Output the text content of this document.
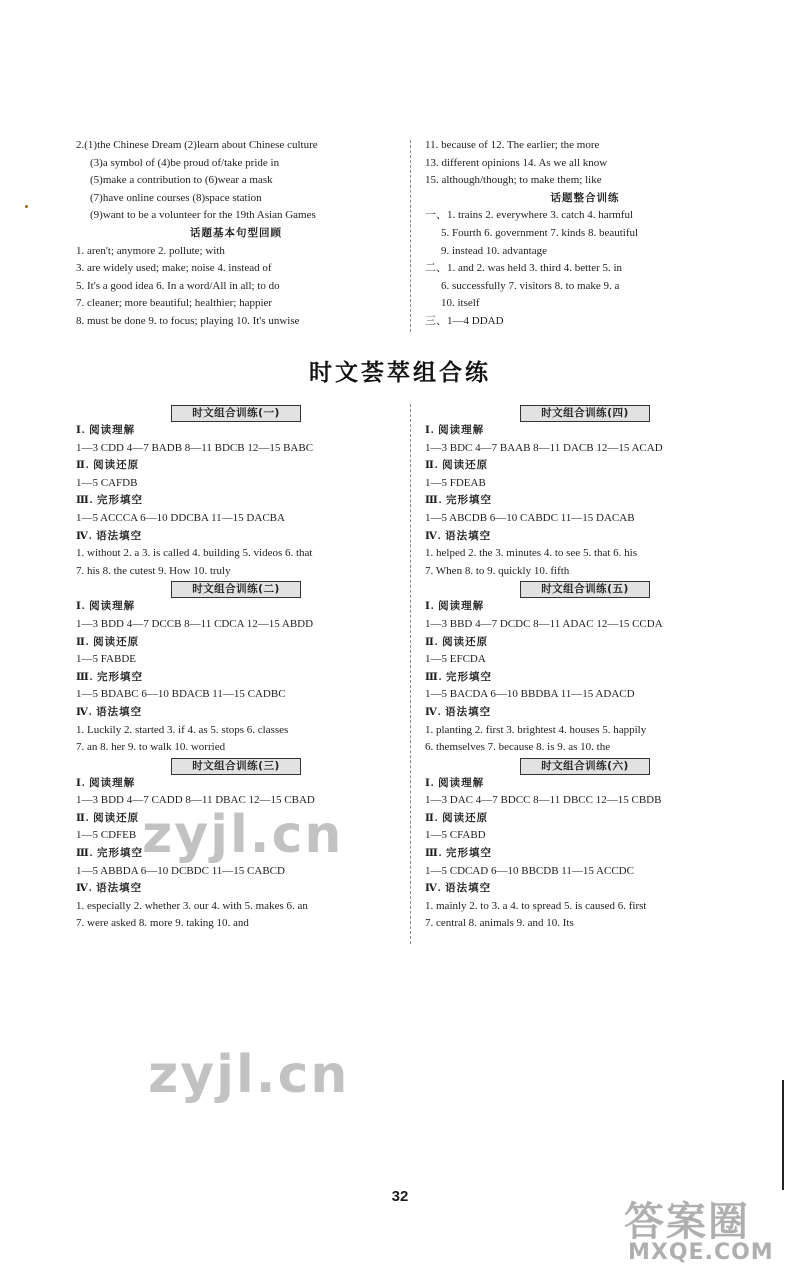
2.(1)the Chinese Dream (2)learn about Chinese culture
(3)a symbol of (4)be proud of/take pride in
(5)make a contribution to (6)wear a mask
(7)have online courses (8)space station
(9)want to be a volunteer for the 19th Asian Games
话题基本句型回顾
1. aren't; anymore 2. pollute; with
3. are widely used; make; noise 4. instead of
5. It's a good idea 6. In a word/All in all; to do
7. cleaner; more beautiful; healthier; happier
8. must be done 9. to focus; playing 10. It's unwise
11. because of 12. The earlier; the more
13. different opinions 14. As we all know
15. although/though; to make them; like
话题整合训练
一、1. trains 2. everywhere 3. catch 4. harmful
5. Fourth 6. government 7. kinds 8. beautiful
9. instead 10. advantage
二、1. and 2. was held 3. third 4. better 5. in
6. successfully 7. visitors 8. to make 9. a
10. itself
三、1—4 DDAD
时文荟萃组合练
时文组合训练(一)
Ⅰ. 阅读理解
1—3 CDD 4—7 BADB 8—11 BDCB 12—15 BABC
Ⅱ. 阅读还原
1—5 CAFDB
Ⅲ. 完形填空
1—5 ACCCA 6—10 DDCBA 11—15 DACBA
Ⅳ. 语法填空
1. without 2. a 3. is called 4. building 5. videos 6. that
7. his 8. the cutest 9. How 10. truly
时文组合训练(二)
Ⅰ. 阅读理解
1—3 BDD 4—7 DCCB 8—11 CDCA 12—15 ABDD
Ⅱ. 阅读还原
1—5 FABDE
Ⅲ. 完形填空
1—5 BDABC 6—10 BDACB 11—15 CADBC
Ⅳ. 语法填空
1. Luckily 2. started 3. if 4. as 5. stops 6. classes
7. an 8. her 9. to walk 10. worried
时文组合训练(三)
Ⅰ. 阅读理解
1—3 BDD 4—7 CADD 8—11 DBAC 12—15 CBAD
Ⅱ. 阅读还原
1—5 CDFEB
Ⅲ. 完形填空
1—5 ABBDA 6—10 DCBDC 11—15 CABCD
Ⅳ. 语法填空
1. especially 2. whether 3. our 4. with 5. makes 6. an
7. were asked 8. more 9. taking 10. and
时文组合训练(四)
Ⅰ. 阅读理解
1—3 BDC 4—7 BAAB 8—11 DACB 12—15 ACAD
Ⅱ. 阅读还原
1—5 FDEAB
Ⅲ. 完形填空
1—5 ABCDB 6—10 CABDC 11—15 DACAB
Ⅳ. 语法填空
1. helped 2. the 3. minutes 4. to see 5. that 6. his
7. When 8. to 9. quickly 10. fifth
时文组合训练(五)
Ⅰ. 阅读理解
1—3 BBD 4—7 DCDC 8—11 ADAC 12—15 CCDA
Ⅱ. 阅读还原
1—5 EFCDA
Ⅲ. 完形填空
1—5 BACDA 6—10 BBDBA 11—15 ADACD
Ⅳ. 语法填空
1. planting 2. first 3. brightest 4. houses 5. happily
6. themselves 7. because 8. is 9. as 10. the
时文组合训练(六)
Ⅰ. 阅读理解
1—3 DAC 4—7 BDCC 8—11 DBCC 12—15 CBDB
Ⅱ. 阅读还原
1—5 CFABD
Ⅲ. 完形填空
1—5 CDCAD 6—10 BBCDB 11—15 ACCDC
Ⅳ. 语法填空
1. mainly 2. to 3. a 4. to spread 5. is caused 6. first
7. central 8. animals 9. and 10. Its
zyjl.cn
zyjl.cn
32
答案圈
MXQE.COM
